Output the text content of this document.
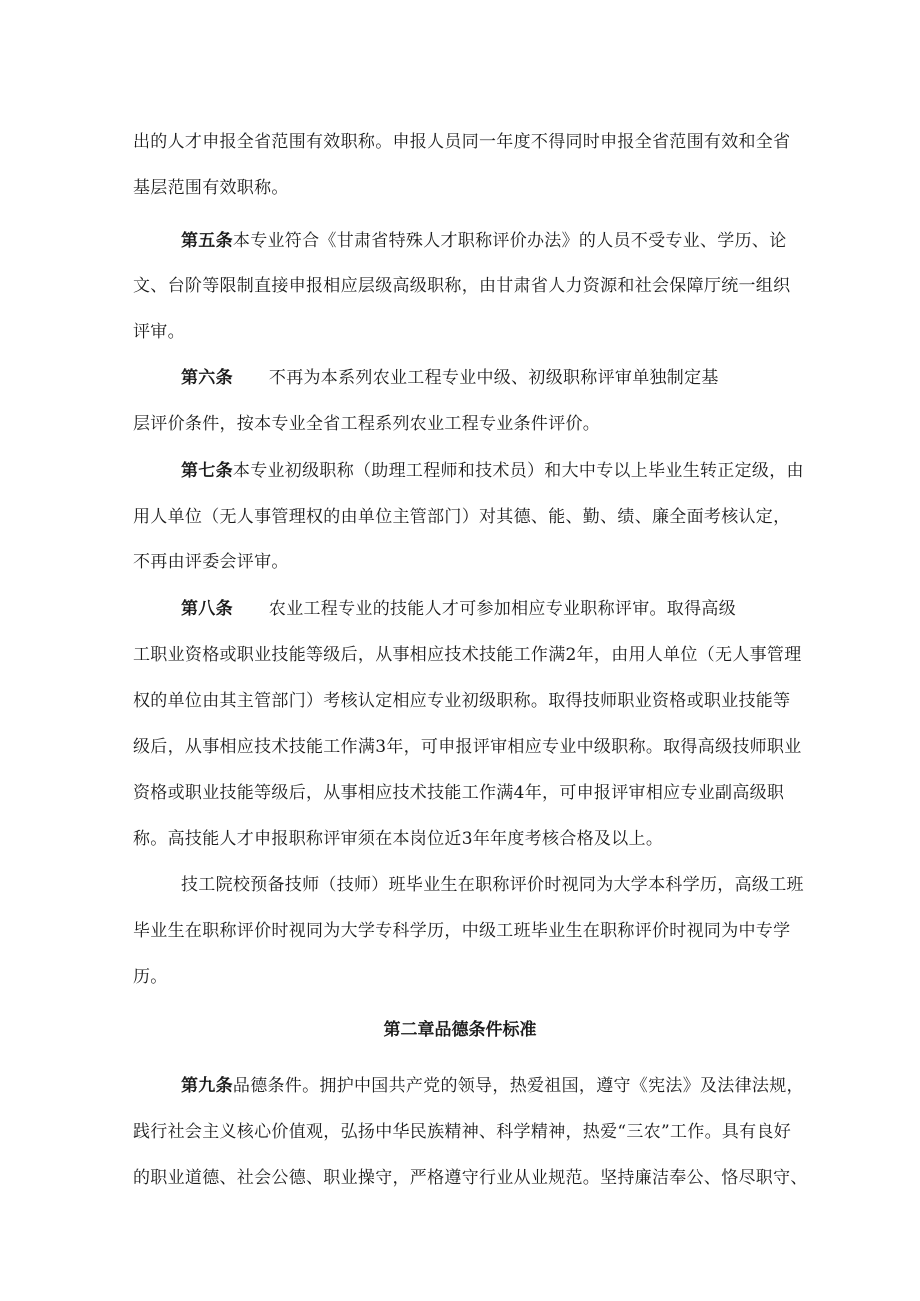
出的人才申报全省范围有效职称。申报人员同一年度不得同时申报全省范围有效和全省
基层范围有效职称。
第五条本专业符合《甘肃省特殊人才职称评价办法》的人员不受专业、学历、论
文、台阶等限制直接申报相应层级高级职称，由甘肃省人力资源和社会保障厅统一组织
评审。
第六条 不再为本系列农业工程专业中级、初级职称评审单独制定基
层评价条件，按本专业全省工程系列农业工程专业条件评价。
第七条本专业初级职称（助理工程师和技术员）和大中专以上毕业生转正定级，由
用人单位（无人事管理权的由单位主管部门）对其德、能、勤、绩、廉全面考核认定，
不再由评委会评审。
第八条 农业工程专业的技能人才可参加相应专业职称评审。取得高级
工职业资格或职业技能等级后，从事相应技术技能工作满2年，由用人单位（无人事管理
权的单位由其主管部门）考核认定相应专业初级职称。取得技师职业资格或职业技能等
级后，从事相应技术技能工作满3年，可申报评审相应专业中级职称。取得高级技师职业
资格或职业技能等级后，从事相应技术技能工作满4年，可申报评审相应专业副高级职
称。高技能人才申报职称评审须在本岗位近3年年度考核合格及以上。
技工院校预备技师（技师）班毕业生在职称评价时视同为大学本科学历，高级工班
毕业生在职称评价时视同为大学专科学历，中级工班毕业生在职称评价时视同为中专学
历。
第二章品德条件标准
第九条品德条件。拥护中国共产党的领导，热爱祖国，遵守《宪法》及法律法规，
践行社会主义核心价值观，弘扬中华民族精神、科学精神，热爱“三农”工作。具有良好
的职业道德、社会公德、职业操守，严格遵守行业从业规范。坚持廉洁奉公、恪尽职守、
